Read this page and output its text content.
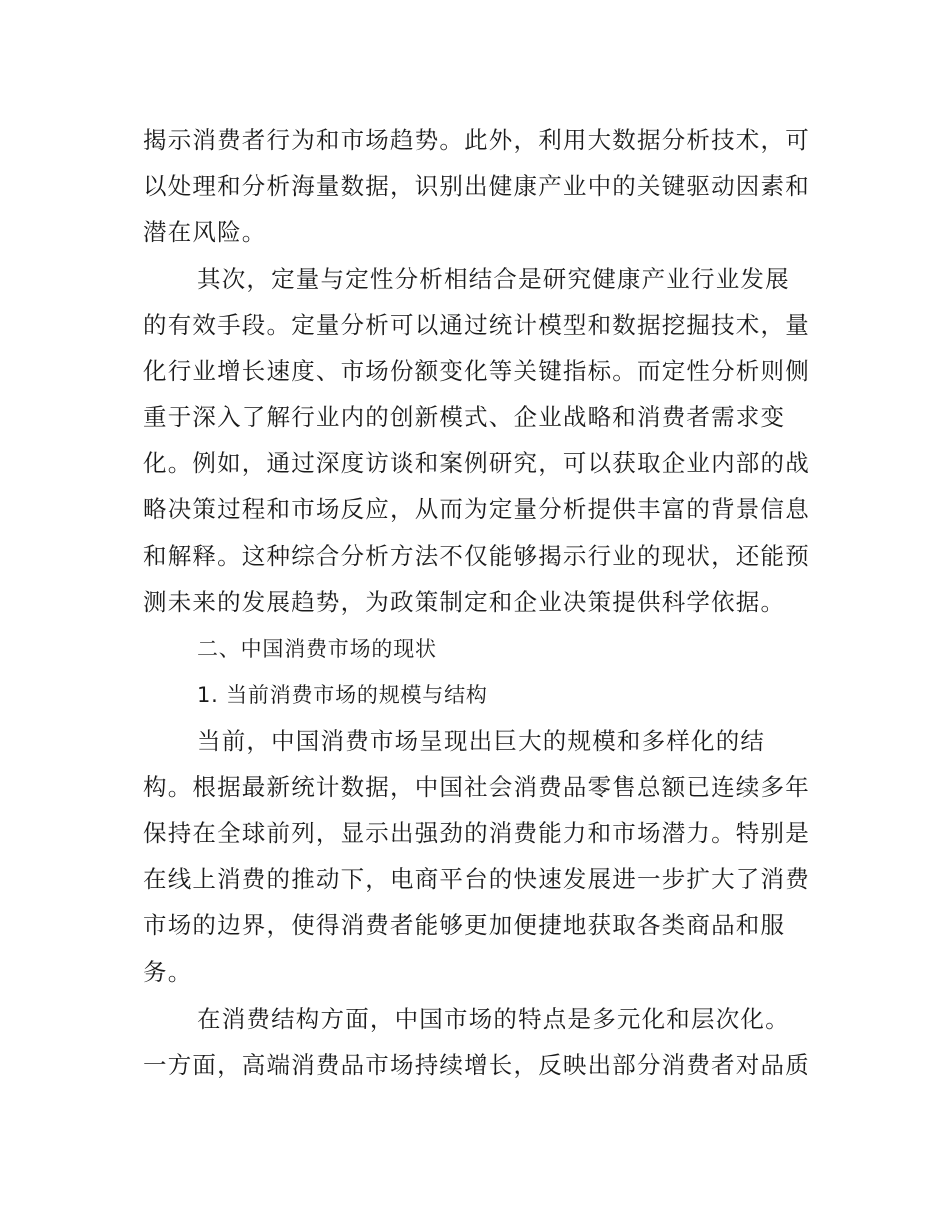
揭示消费者行为和市场趋势。此外，利用大数据分析技术，可
以处理和分析海量数据，识别出健康产业中的关键驱动因素和
潜在风险。
其次，定量与定性分析相结合是研究健康产业行业发展
的有效手段。定量分析可以通过统计模型和数据挖掘技术，量
化行业增长速度、市场份额变化等关键指标。而定性分析则侧
重于深入了解行业内的创新模式、企业战略和消费者需求变
化。例如，通过深度访谈和案例研究，可以获取企业内部的战
略决策过程和市场反应，从而为定量分析提供丰富的背景信息
和解释。这种综合分析方法不仅能够揭示行业的现状，还能预
测未来的发展趋势，为政策制定和企业决策提供科学依据。
二、中国消费市场的现状
1. 当前消费市场的规模与结构
当前，中国消费市场呈现出巨大的规模和多样化的结
构。根据最新统计数据，中国社会消费品零售总额已连续多年
保持在全球前列，显示出强劲的消费能力和市场潜力。特别是
在线上消费的推动下，电商平台的快速发展进一步扩大了消费
市场的边界，使得消费者能够更加便捷地获取各类商品和服
务。
在消费结构方面，中国市场的特点是多元化和层次化。
一方面，高端消费品市场持续增长，反映出部分消费者对品质
